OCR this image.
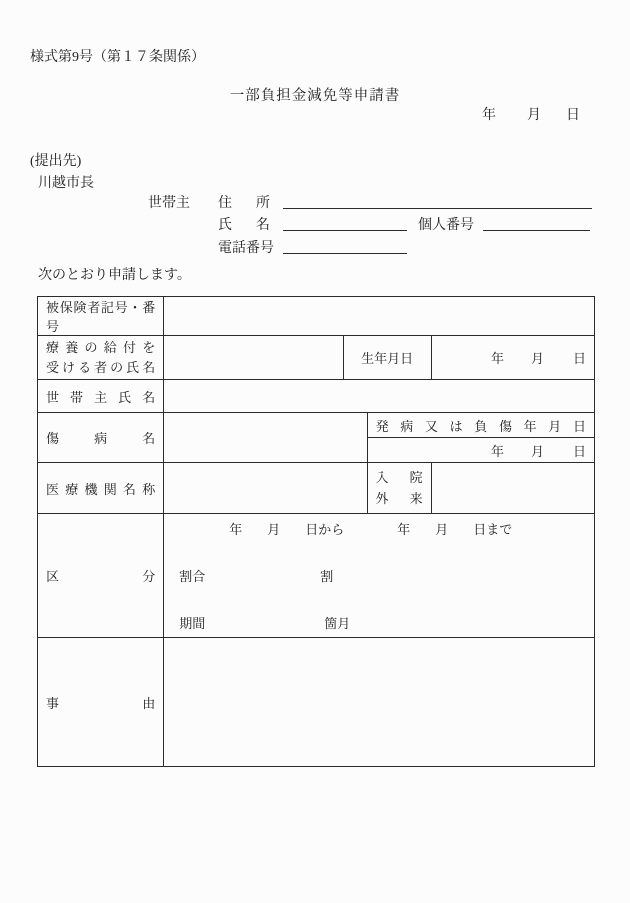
様式第9号（第１７条関係）
一部負担金減免等申請書
年 月 日
(提出先)
川越市長
世帯主 住所
氏名	個人番号
電話番号
次のとおり申請します。
被保険者記号・番号				

療養の給付を
受ける者の氏名		生年月日		年 月 日
世帯主氏名				
傷病名			発病又は負傷年月日	
			年 月 日	
医療機関名称			入院
外来	

区分	年 月 日から 年 月 日まで
割合 割
期間 箇月			

事由				
